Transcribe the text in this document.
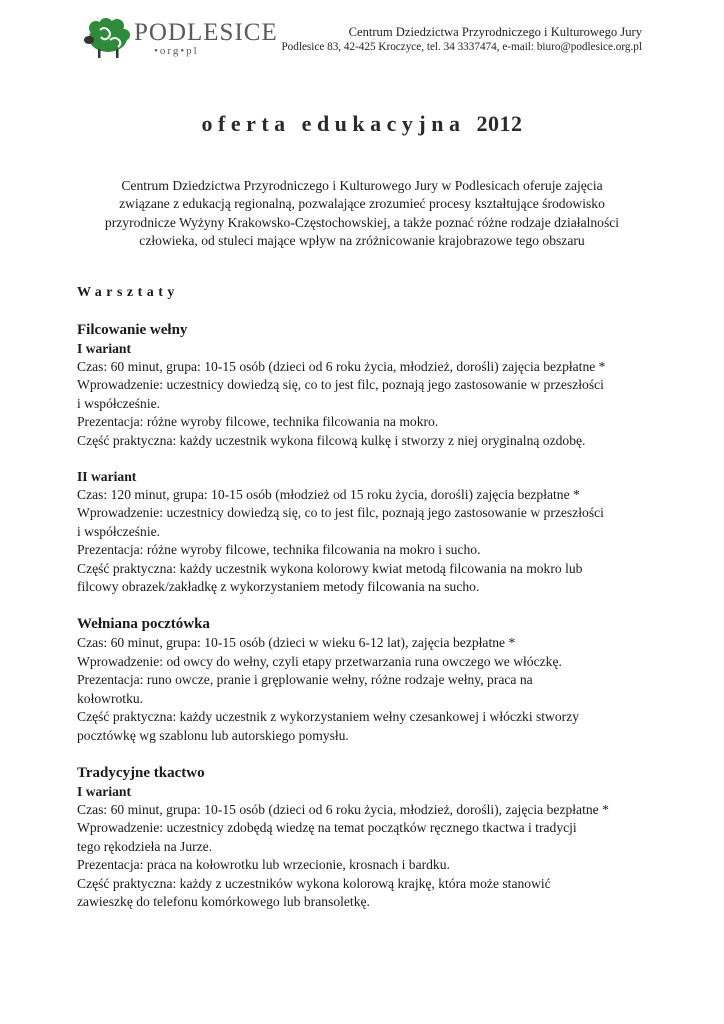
PODLESICE
•org•pl
Centrum Dziedzictwa Przyrodniczego i Kulturowego Jury
Podlesice 83, 42-425 Kroczyce, tel. 34 3337474, e-mail: biuro@podlesice.org.pl
oferta edukacyjna 2012
Centrum Dziedzictwa Przyrodniczego i Kulturowego Jury w Podlesicach oferuje zajęcia
związane z edukacją regionalną, pozwalające zrozumieć procesy kształtujące środowisko
przyrodnicze Wyżyny Krakowsko-Częstochowskiej, a także poznać różne rodzaje działalności
człowieka, od stuleci mające wpływ na zróżnicowanie krajobrazowe tego obszaru
Warsztaty
Filcowanie wełny
I wariant
Czas: 60 minut, grupa: 10-15 osób (dzieci od 6 roku życia, młodzież, dorośli) zajęcia bezpłatne *
Wprowadzenie: uczestnicy dowiedzą się, co to jest filc, poznają jego zastosowanie w przeszłości
i współcześnie.
Prezentacja: różne wyroby filcowe, technika filcowania na mokro.
Część praktyczna: każdy uczestnik wykona filcową kulkę i stworzy z niej oryginalną ozdobę.
II wariant
Czas: 120 minut, grupa: 10-15 osób (młodzież od 15 roku życia, dorośli) zajęcia bezpłatne *
Wprowadzenie: uczestnicy dowiedzą się, co to jest filc, poznają jego zastosowanie w przeszłości
i współcześnie.
Prezentacja: różne wyroby filcowe, technika filcowania na mokro i sucho.
Część praktyczna: każdy uczestnik wykona kolorowy kwiat metodą filcowania na mokro lub
filcowy obrazek/zakładkę z wykorzystaniem metody filcowania na sucho.
Wełniana pocztówka
Czas: 60 minut, grupa: 10-15 osób (dzieci w wieku 6-12 lat), zajęcia bezpłatne *
Wprowadzenie: od owcy do wełny, czyli etapy przetwarzania runa owczego we włóczkę.
Prezentacja: runo owcze, pranie i gręplowanie wełny, różne rodzaje wełny, praca na
kołowrotku.
Część praktyczna: każdy uczestnik z wykorzystaniem wełny czesankowej i włóczki stworzy
pocztówkę wg szablonu lub autorskiego pomysłu.
Tradycyjne tkactwo
I wariant
Czas: 60 minut, grupa: 10-15 osób (dzieci od 6 roku życia, młodzież, dorośli), zajęcia bezpłatne *
Wprowadzenie: uczestnicy zdobędą wiedzę na temat początków ręcznego tkactwa i tradycji
tego rękodzieła na Jurze.
Prezentacja: praca na kołowrotku lub wrzecionie, krosnach i bardku.
Część praktyczna: każdy z uczestników wykona kolorową krajkę, która może stanowić
zawieszkę do telefonu komórkowego lub bransoletkę.
